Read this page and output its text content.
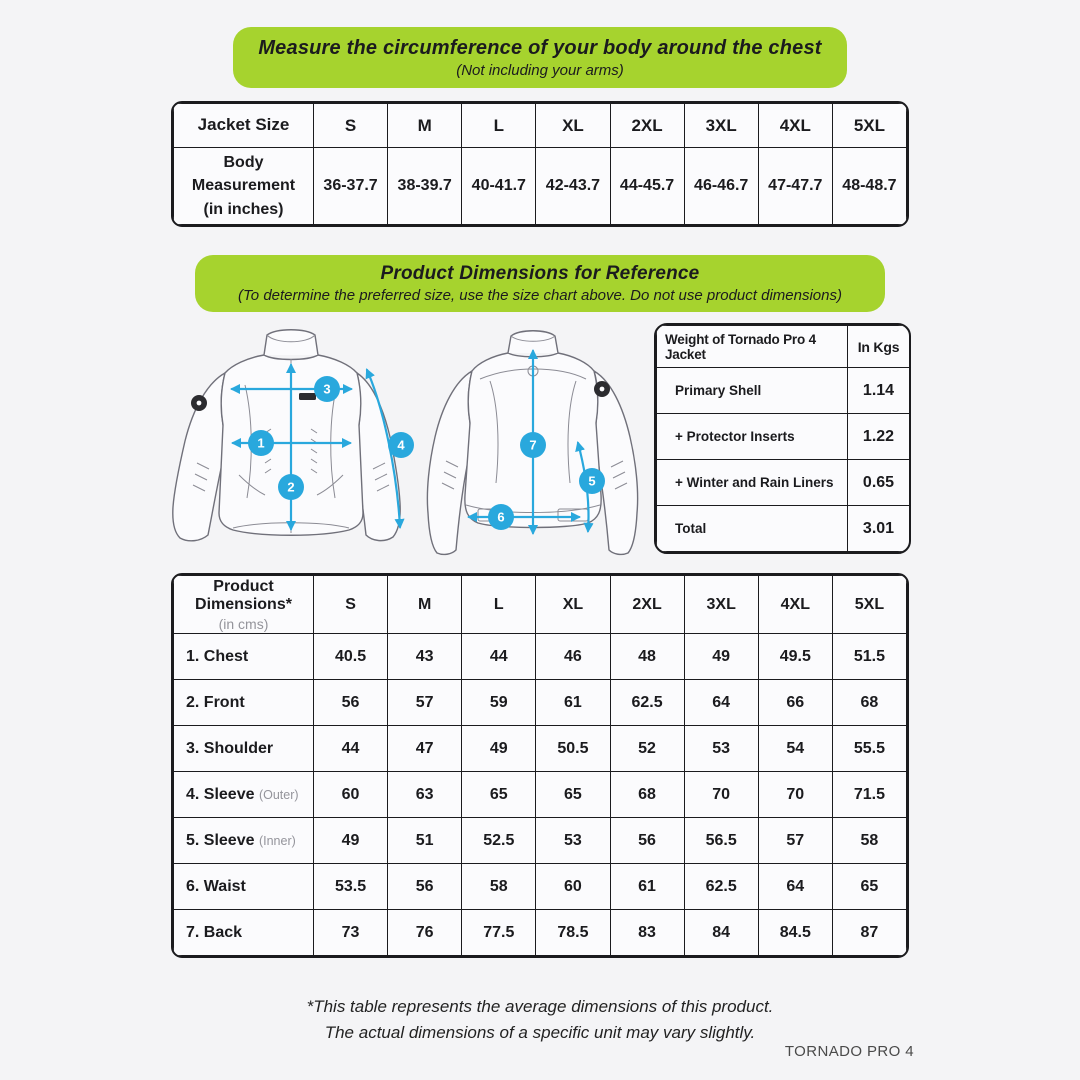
Measure the circumference of your body around the chest
(Not including your arms)
Jacket Size	S	M	L	XL	2XL	3XL	4XL	5XL
Body Measurement (in inches)	36-37.7	38-39.7	40-41.7	42-43.7	44-45.7	46-46.7	47-47.7	48-48.7
Product Dimensions for Reference
(To determine the preferred size, use the size chart above. Do not use product dimensions)
3
1
2
4	7
6
5
Weight of Tornado Pro 4 Jacket	In Kgs
Primary Shell	1.14
+ Protector Inserts	1.22
+ Winter and Rain Liners	0.65
Total	3.01
Product Dimensions*
(in cms)	S	M	L	XL	2XL	3XL	4XL	5XL
1. Chest	40.5	43	44	46	48	49	49.5	51.5
2. Front	56	57	59	61	62.5	64	66	68
3. Shoulder	44	47	49	50.5	52	53	54	55.5
4. Sleeve (Outer)	60	63	65	65	68	70	70	71.5
5. Sleeve (Inner)	49	51	52.5	53	56	56.5	57	58
6. Waist	53.5	56	58	60	61	62.5	64	65
7. Back	73	76	77.5	78.5	83	84	84.5	87
*This table represents the average dimensions of this product.
The actual dimensions of a specific unit may vary slightly.
TORNADO PRO 4
